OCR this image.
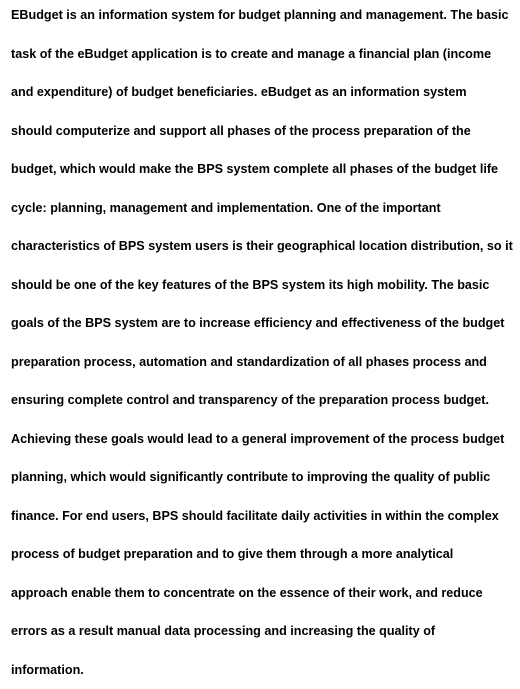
EBudget is an information system for budget planning and management. The basic
task of the eBudget application is to create and manage a financial plan (income
and expenditure) of budget beneficiaries. eBudget as an information system
should computerize and support all phases of the process preparation of the
budget, which would make the BPS system complete all phases of the budget life
cycle: planning, management and implementation. One of the important
characteristics of BPS system users is their geographical location distribution, so it
should be one of the key features of the BPS system its high mobility. The basic
goals of the BPS system are to increase efficiency and effectiveness of the budget
preparation process, automation and standardization of all phases process and
ensuring complete control and transparency of the preparation process budget.
Achieving these goals would lead to a general improvement of the process budget
planning, which would significantly contribute to improving the quality of public
finance. For end users, BPS should facilitate daily activities in within the complex
process of budget preparation and to give them through a more analytical
approach enable them to concentrate on the essence of their work, and reduce
errors as a result manual data processing and increasing the quality of
information.
